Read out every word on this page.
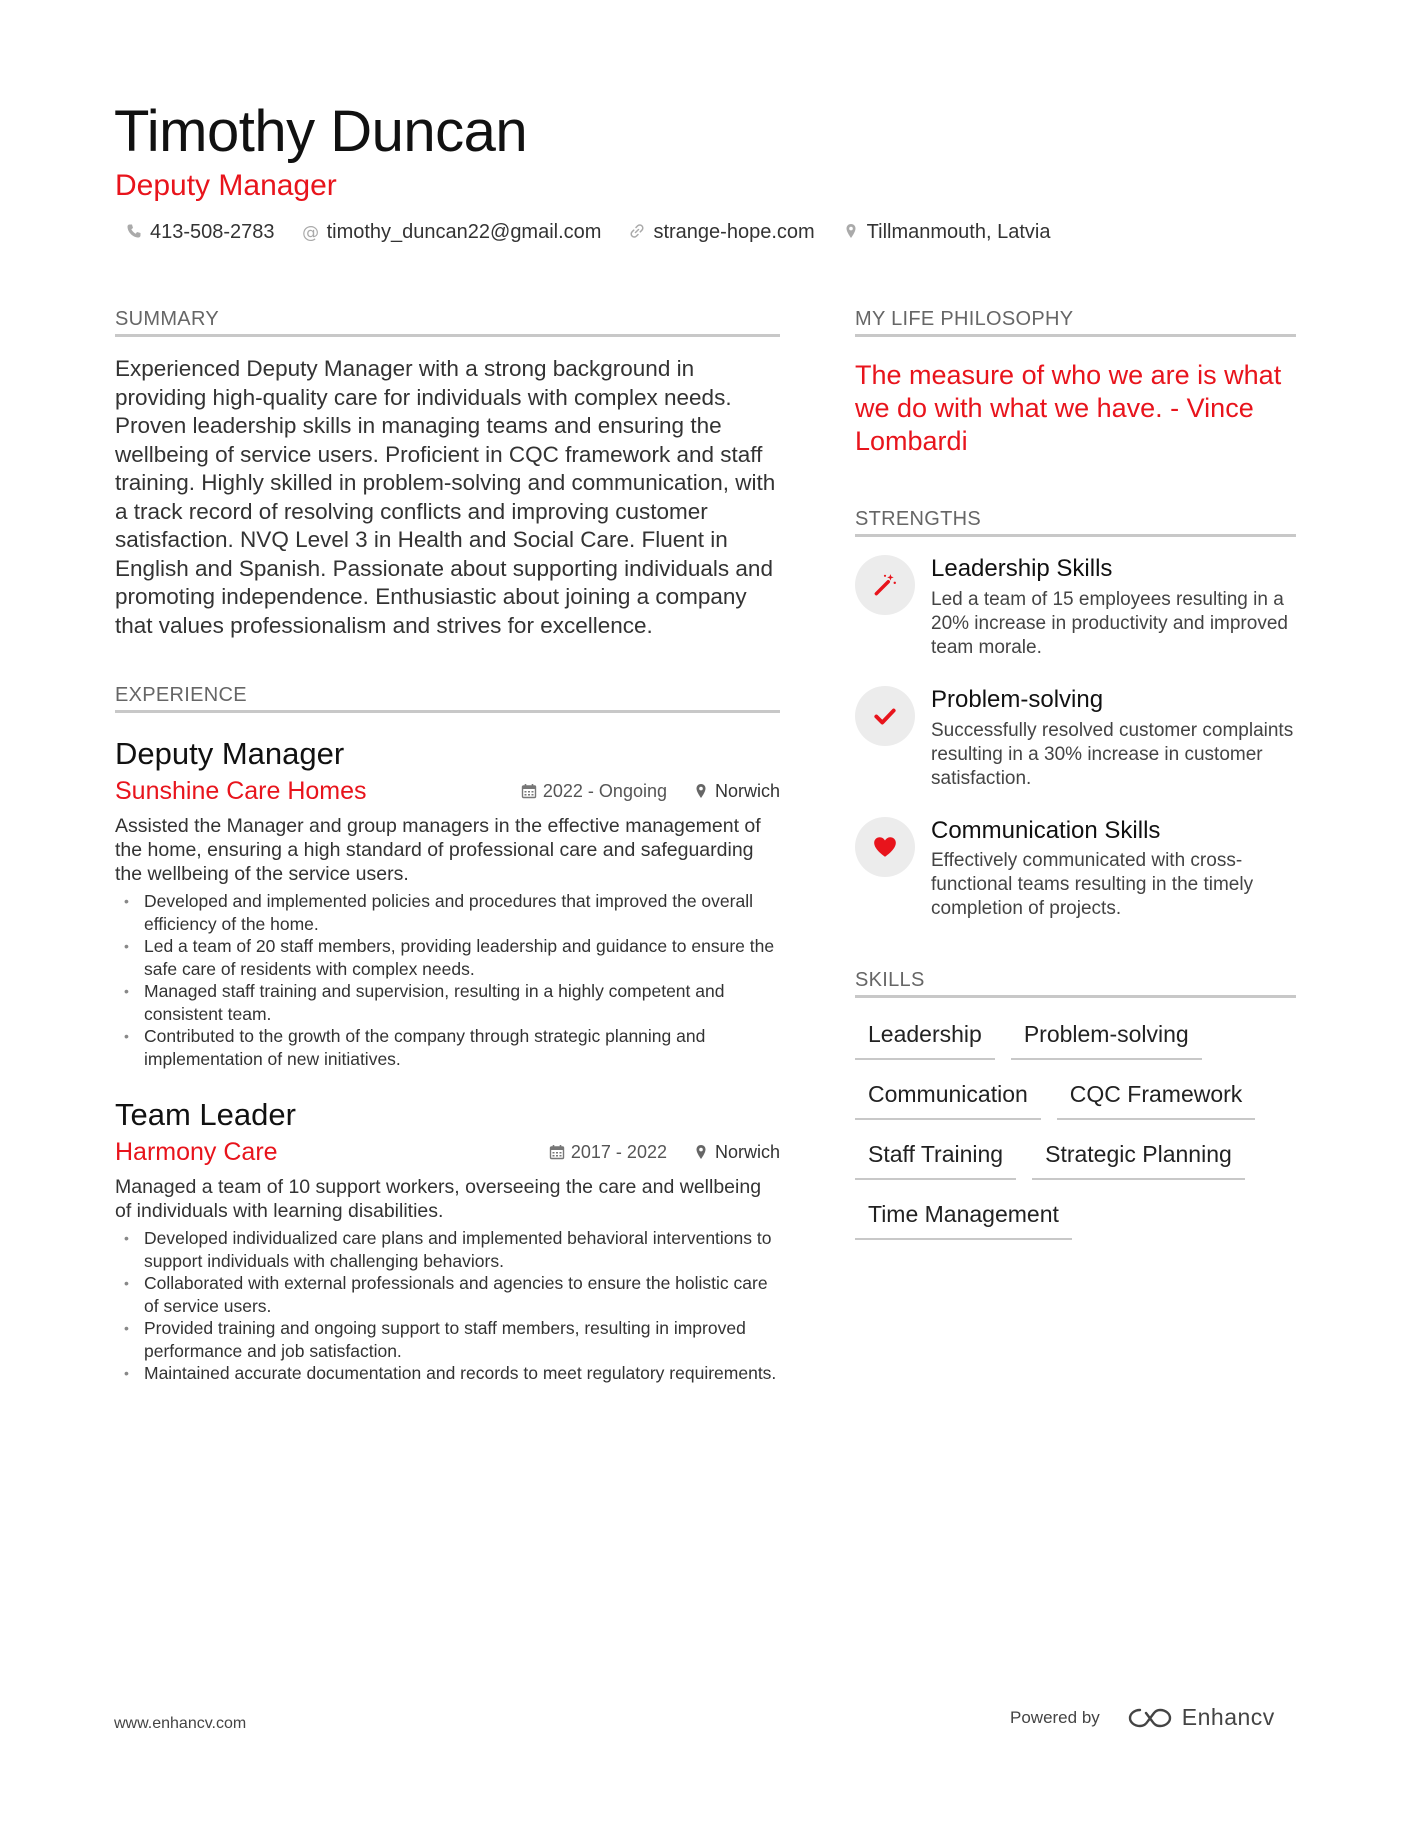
Timothy Duncan
Deputy Manager
413-508-2783 @ timothy_duncan22@gmail.com	strange-hope.com	Tillmanmouth, Latvia
SUMMARY
Experienced Deputy Manager with a strong background in providing high-quality care for individuals with complex needs. Proven leadership skills in managing teams and ensuring the wellbeing of service users. Proficient in CQC framework and staff training. Highly skilled in problem-solving and communication, with a track record of resolving conflicts and improving customer satisfaction. NVQ Level 3 in Health and Social Care. Fluent in English and Spanish. Passionate about supporting individuals and promoting independence. Enthusiastic about joining a company that values professionalism and strives for excellence.
EXPERIENCE
Deputy Manager
Sunshine Care Homes	2022 - Ongoing	Norwich
Assisted the Manager and group managers in the effective management of the home, ensuring a high standard of professional care and safeguarding the wellbeing of the service users.
• Developed and implemented policies and procedures that improved the overall efficiency of the home.
• Led a team of 20 staff members, providing leadership and guidance to ensure the safe care of residents with complex needs.
• Managed staff training and supervision, resulting in a highly competent and consistent team.
• Contributed to the growth of the company through strategic planning and implementation of new initiatives.
Team Leader
Harmony Care	2017 - 2022	Norwich
Managed a team of 10 support workers, overseeing the care and wellbeing of individuals with learning disabilities.
• Developed individualized care plans and implemented behavioral interventions to support individuals with challenging behaviors.
• Collaborated with external professionals and agencies to ensure the holistic care of service users.
• Provided training and ongoing support to staff members, resulting in improved performance and job satisfaction.
• Maintained accurate documentation and records to meet regulatory requirements.
MY LIFE PHILOSOPHY
The measure of who we are is what we do with what we have. - Vince Lombardi
STRENGTHS
Leadership Skills
Led a team of 15 employees resulting in a 20% increase in productivity and improved team morale.
Problem-solving
Successfully resolved customer complaints resulting in a 30% increase in customer satisfaction.
Communication Skills
Effectively communicated with cross-functional teams resulting in the timely completion of projects.
SKILLS
Leadership	Problem-solving
Communication	CQC Framework
Staff Training	Strategic Planning
Time Management
www.enhancv.com	Powered by	Enhancv
